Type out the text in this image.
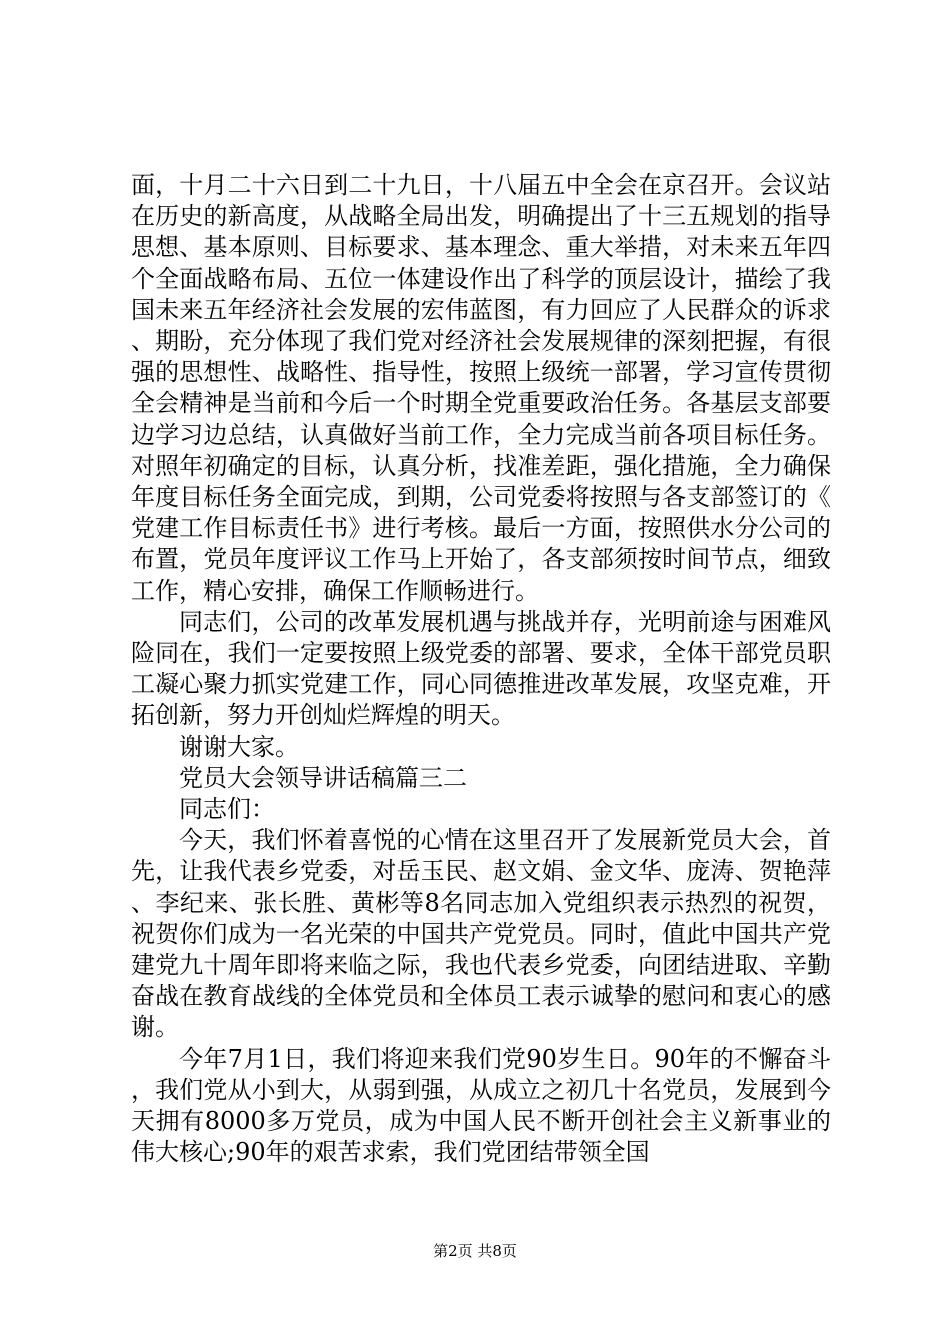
面，十月二十六日到二十九日，十八届五中全会在京召开。会议站在历史的新高度，从战略全局出发，明确提出了十三五规划的指导思想、基本原则、目标要求、基本理念、重大举措，对未来五年四个全面战略布局、五位一体建设作出了科学的顶层设计，描绘了我国未来五年经济社会发展的宏伟蓝图，有力回应了人民群众的诉求、期盼，充分体现了我们党对经济社会发展规律的深刻把握，有很强的思想性、战略性、指导性，按照上级统一部署，学习宣传贯彻全会精神是当前和今后一个时期全党重要政治任务。各基层支部要边学习边总结，认真做好当前工作，全力完成当前各项目标任务。对照年初确定的目标，认真分析，找准差距，强化措施，全力确保年度目标任务全面完成，到期，公司党委将按照与各支部签订的《党建工作目标责任书》进行考核。最后一方面，按照供水分公司的布置，党员年度评议工作马上开始了，各支部须按时间节点，细致工作，精心安排，确保工作顺畅进行。

同志们，公司的改革发展机遇与挑战并存，光明前途与困难风险同在，我们一定要按照上级党委的部署、要求，全体干部党员职工凝心聚力抓实党建工作，同心同德推进改革发展，攻坚克难，开拓创新，努力开创灿烂辉煌的明天。

谢谢大家。

党员大会领导讲话稿篇三二

同志们：

今天，我们怀着喜悦的心情在这里召开了发展新党员大会，首先，让我代表乡党委，对岳玉民、赵文娟、金文华、庞涛、贺艳萍、李纪来、张长胜、黄彬等8名同志加入党组织表示热烈的祝贺，祝贺你们成为一名光荣的中国共产党党员。同时，值此中国共产党建党九十周年即将来临之际，我也代表乡党委，向团结进取、辛勤奋战在教育战线的全体党员和全体员工表示诚挚的慰问和衷心的感谢。

今年7月1日，我们将迎来我们党90岁生日。90年的不懈奋斗，我们党从小到大，从弱到强，从成立之初几十名党员，发展到今天拥有8000多万党员，成为中国人民不断开创社会主义新事业的伟大核心;90年的艰苦求索，我们党团结带领全国

第2页 共8页
